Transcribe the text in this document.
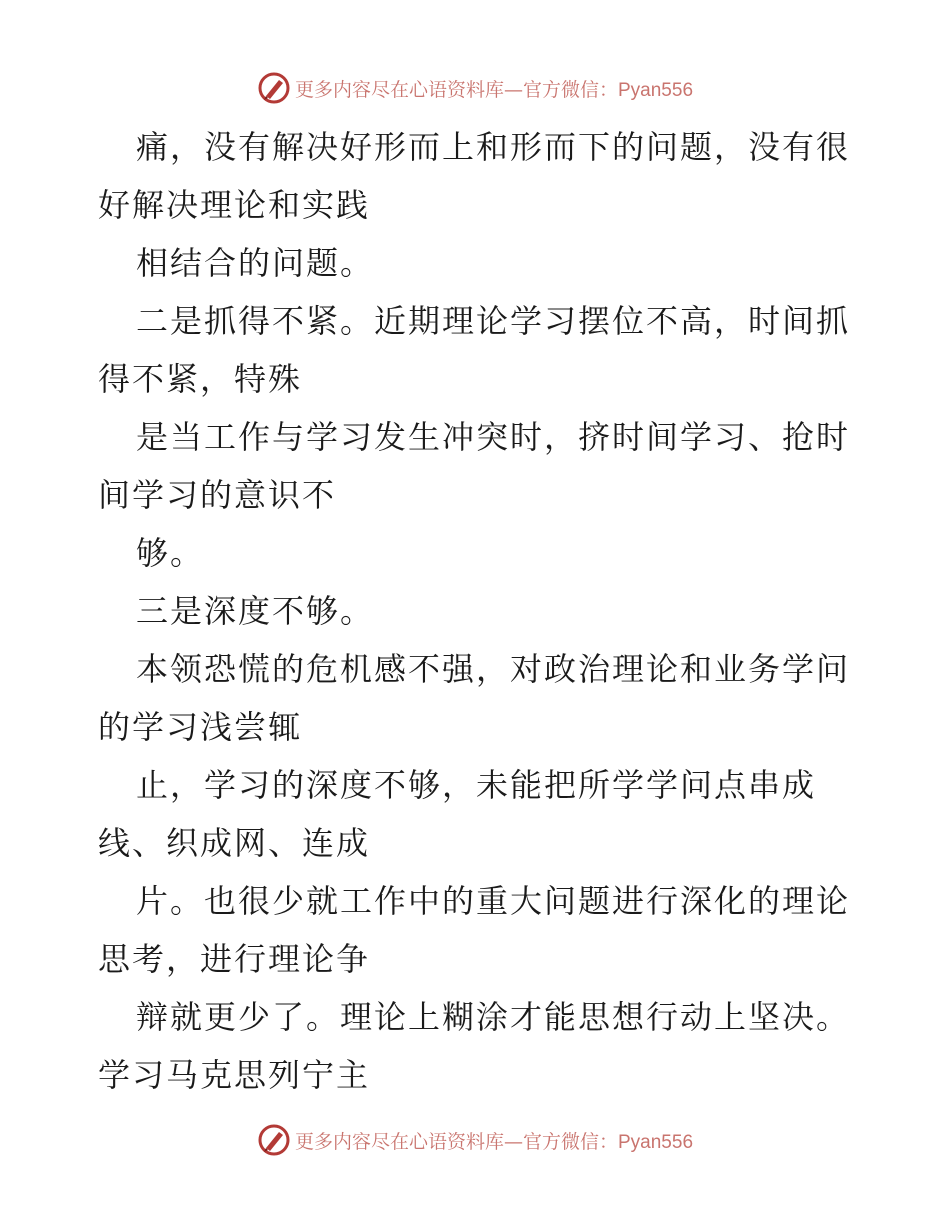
更多内容尽在心语资料库—官方微信：Pyan556
痛，没有解决好形而上和形而下的问题，没有很
好解决理论和实践
相结合的问题。
二是抓得不紧。近期理论学习摆位不高，时间抓
得不紧，特殊
是当工作与学习发生冲突时，挤时间学习、抢时
间学习的意识不
够。
三是深度不够。
本领恐慌的危机感不强，对政治理论和业务学问
的学习浅尝辄
止，学习的深度不够，未能把所学学问点串成
线、织成网、连成
片。也很少就工作中的重大问题进行深化的理论
思考，进行理论争
辩就更少了。理论上糊涂才能思想行动上坚决。
学习马克思列宁主
更多内容尽在心语资料库—官方微信：Pyan556
